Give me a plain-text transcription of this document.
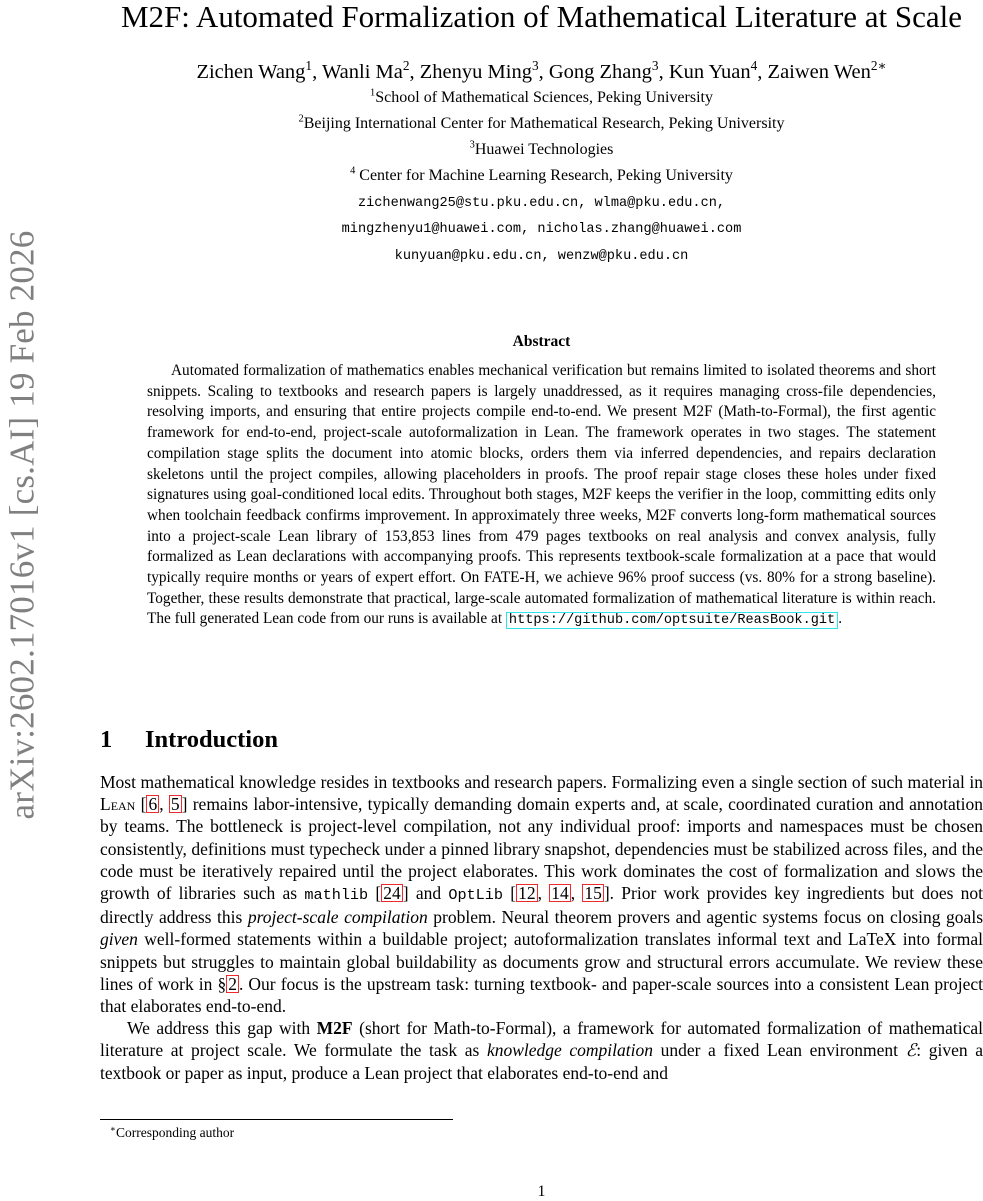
arXiv:2602.17016v1 [cs.AI] 19 Feb 2026
M2F: Automated Formalization of Mathematical Literature at Scale
Zichen Wang$^1$, Wanli Ma$^2$, Zhenyu Ming$^3$, Gong Zhang$^3$, Kun Yuan$^4$, Zaiwen Wen$^{2∗}$

$^1$School of Mathematical Sciences, Peking University

$^2$Beijing International Center for Mathematical Research, Peking University

$^3$Huawei Technologies

$^4$ Center for Machine Learning Research, Peking University

zichenwang25@stu.pku.edu.cn, wlma@pku.edu.cn,

mingzhenyu1@huawei.com, nicholas.zhang@huawei.com

kunyuan@pku.edu.cn, wenzw@pku.edu.cn

Abstract

Automated formalization of mathematics enables mechanical verification but remains limited to isolated theorems and short snippets. Scaling to textbooks and research papers is largely unaddressed, as it requires managing cross-file dependencies, resolving imports, and ensuring that entire projects compile end-to-end. We present M2F (Math-to-Formal), the first agentic framework for end-to-end, project-scale autoformalization in Lean. The framework operates in two stages. The statement compilation stage splits the document into atomic blocks, orders them via inferred dependencies, and repairs declaration skeletons until the project compiles, allowing placeholders in proofs. The proof repair stage closes these holes under fixed signatures using goal-conditioned local edits. Throughout both stages, M2F keeps the verifier in the loop, committing edits only when toolchain feedback confirms improvement. In approximately three weeks, M2F converts long-form mathematical sources into a project-scale Lean library of 153,853 lines from 479 pages textbooks on real analysis and convex analysis, fully formalized as Lean declarations with accompanying proofs. This represents textbook-scale formalization at a pace that would typically require months or years of expert effort. On FATE-H, we achieve 96% proof success (vs. 80% for a strong baseline). Together, these results demonstrate that practical, large-scale automated formalization of mathematical literature is within reach. The full generated Lean code from our runs is available at https://github.com/optsuite/ReasBook.git .

1 Introduction

Most mathematical knowledge resides in textbooks and research papers. Formalizing even a single section of such material in Lean [ 6 , 5 ] remains labor-intensive, typically demanding domain experts and, at scale, coordinated curation and annotation by teams. The bottleneck is project-level compilation, not any individual proof: imports and namespaces must be chosen consistently, definitions must typecheck under a pinned library snapshot, dependencies must be stabilized across files, and the code must be iteratively repaired until the project elaborates. This work dominates the cost of formalization and slows the growth of libraries such as mathlib [ 24 ] and OptLib [ 12 , 14 , 15 ]. Prior work provides key ingredients but does not directly address this project-scale compilation problem. Neural theorem provers and agentic systems focus on closing goals given well-formed statements within a buildable project; autoformalization translates informal text and LaTeX into formal snippets but struggles to maintain global buildability as documents grow and structural errors accumulate. We review these lines of work in § 2 . Our focus is the upstream task: turning textbook- and paper-scale sources into a consistent Lean project that elaborates end-to-end.

We address this gap with M2F (short for Math-to-Formal), a framework for automated formalization of mathematical literature at project scale. We formulate the task as knowledge compilation under a fixed Lean environment ℰ: given a textbook or paper as input, produce a Lean project that elaborates end-to-end and

∗Corresponding author

1
